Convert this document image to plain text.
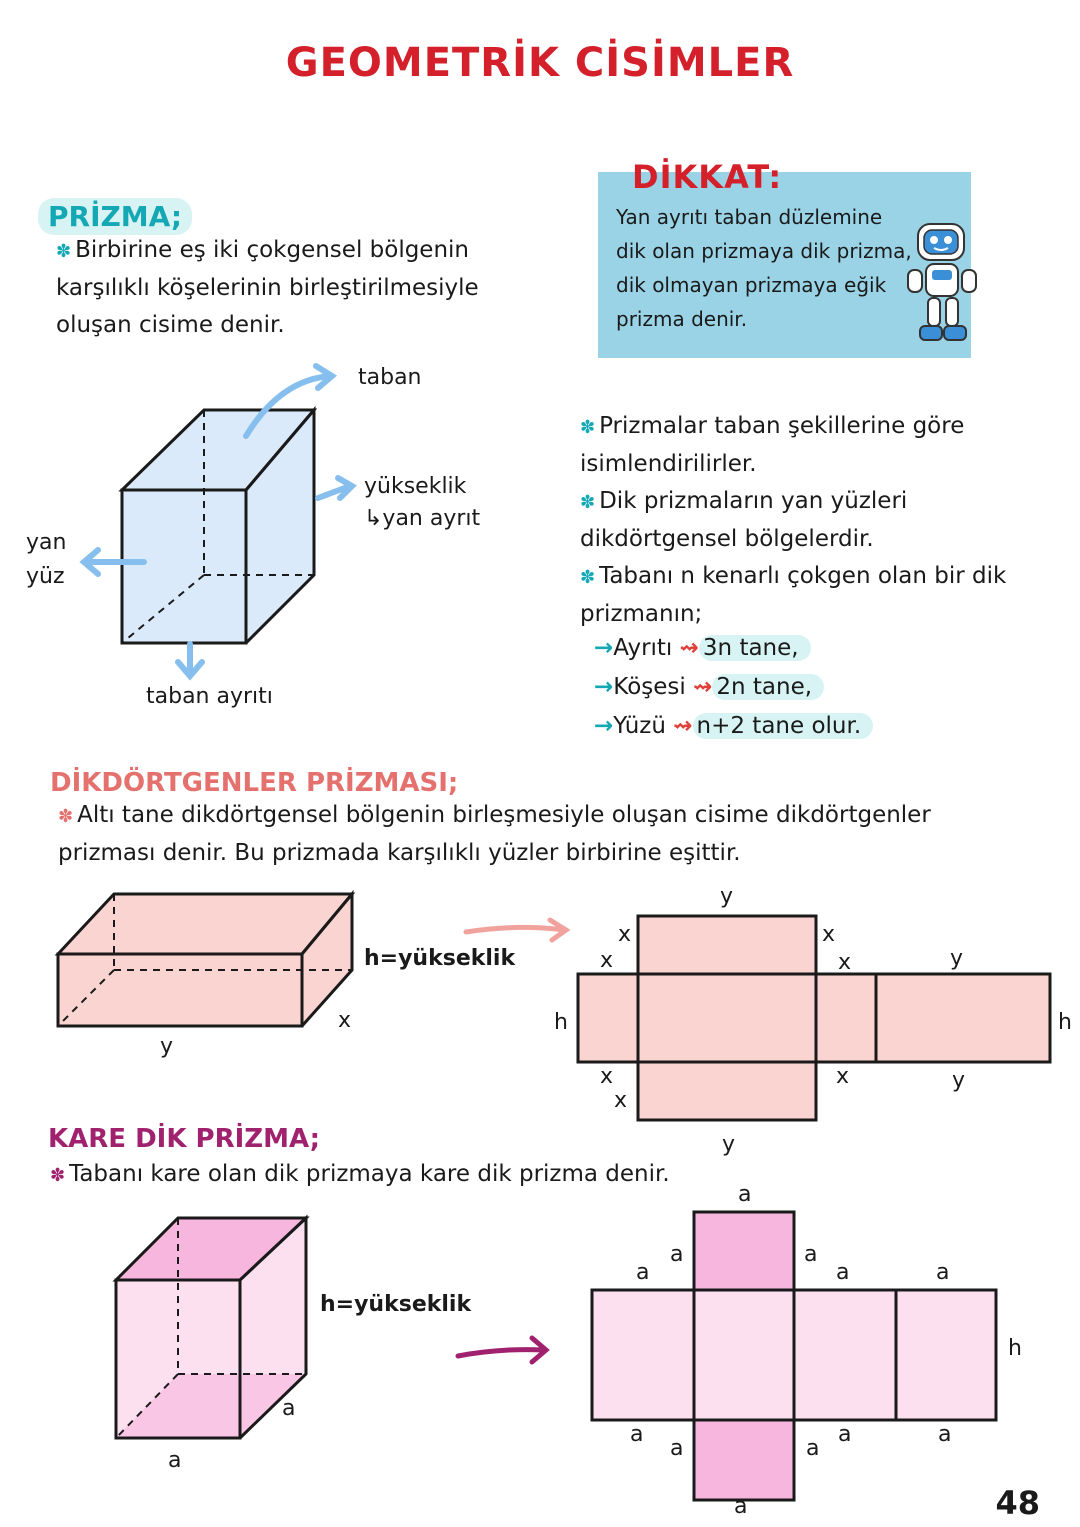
GEOMETRİK CİSİMLER
PRİZMA;
✽ Birbirine eş iki çokgensel bölgenin
karşılıklı köşelerinin birleştirilmesiyle
oluşan cisime denir.
DİKKAT:
Yan ayrıtı taban düzlemine
dik olan prizmaya dik prizma,
dik olmayan prizmaya eğik
prizma denir.
taban
yükseklik
↳yan ayrıt
yan
yüz
taban ayrıtı
✽ Prizmalar taban şekillerine göre
isimlendirilirler.
✽ Dik prizmaların yan yüzleri
dikdörtgensel bölgelerdir.
✽ Tabanı n kenarlı çokgen olan bir dik
prizmanın;
→Ayrıtı ⇝ 3n tane,
→Köşesi ⇝ 2n tane,
→Yüzü ⇝ n+2 tane olur.
DİKDÖRTGENLER PRİZMASI;
✽ Altı tane dikdörtgensel bölgenin birleşmesiyle oluşan cisime dikdörtgenler
prizması denir. Bu prizmada karşılıklı yüzler birbirine eşittir.
h=yükseklik
y
x
y
x
x
x
x	y
h	h
x
x
x	y
y
KARE DİK PRİZMA;
✽ Tabanı kare olan dik prizmaya kare dik prizma denir.
h=yükseklik
a
a
a
a
a
a
a	a
h
a
a	a
a	a
a	48
